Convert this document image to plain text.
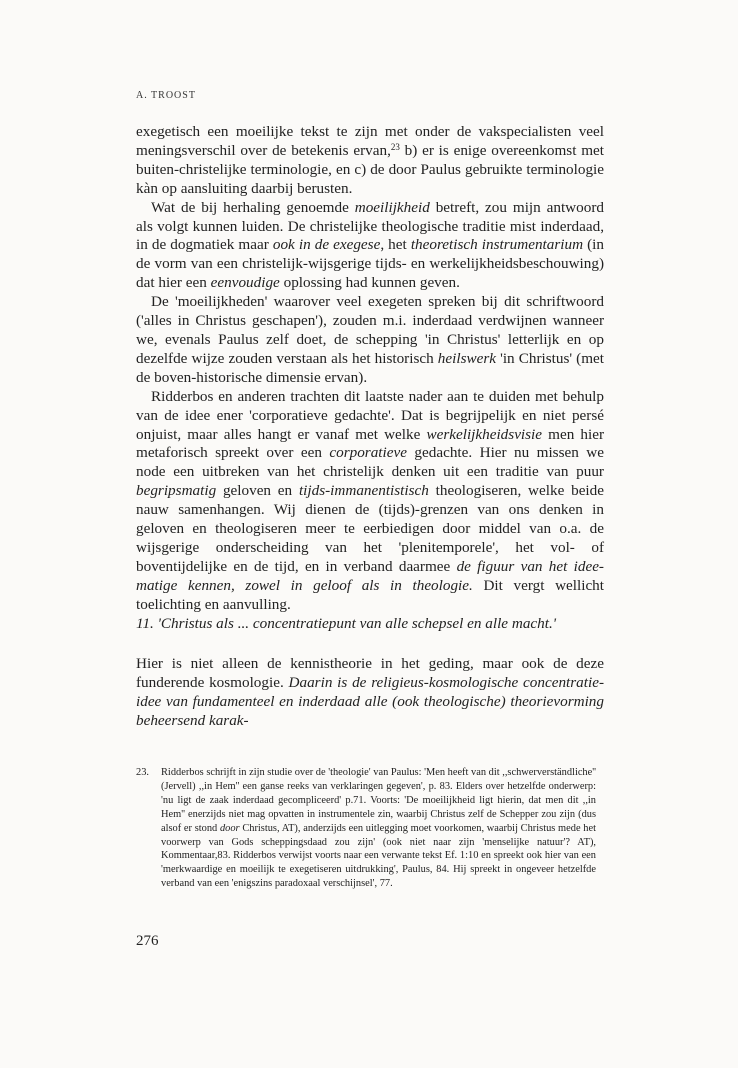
A. TROOST

exegetisch een moeilijke tekst te zijn met onder de vakspecialisten veel meningsverschil over de betekenis ervan,$^{23}$ b) er is enige overeenkomst met buiten-christelijke terminologie, en c) de door Paulus gebruikte terminologie kàn op aansluiting daarbij berusten.

Wat de bij herhaling genoemde moeilijkheid betreft, zou mijn antwoord als volgt kunnen luiden. De christelijke theologische traditie mist inderdaad, in de dogmatiek maar ook in de exegese, het theoretisch instrumentarium (in de vorm van een christelijk-wijsgerige tijds- en werkelijkheidsbeschouwing) dat hier een eenvoudige oplossing had kunnen geven.

De 'moeilijkheden' waarover veel exegeten spreken bij dit schriftwoord ('alles in Christus geschapen'), zouden m.i. inderdaad verdwijnen wanneer we, evenals Paulus zelf doet, de schepping 'in Christus' letterlijk en op dezelfde wijze zouden verstaan als het historisch heilswerk 'in Christus' (met de boven-historische dimensie ervan).

Ridderbos en anderen trachten dit laatste nader aan te duiden met behulp van de idee ener 'corporatieve gedachte'. Dat is begrijpelijk en niet persé onjuist, maar alles hangt er vanaf met welke werkelijkheidsvisie men hier metaforisch spreekt over een corporatieve gedachte. Hier nu missen we node een uitbreken van het christelijk denken uit een traditie van puur begripsmatig geloven en tijds-immanentistisch theologiseren, welke beide nauw samenhangen. Wij dienen de (tijds)-grenzen van ons denken in geloven en theologiseren meer te eerbiedigen door middel van o.a. de wijsgerige onderscheiding van het 'plenitemporele', het vol- of boventijdelijke en de tijd, en in verband daarmee de figuur van het idee-matige kennen, zowel in geloof als in theologie. Dit vergt wellicht toelichting en aanvulling.

11. 'Christus als ... concentratiepunt van alle schepsel en alle macht.'
Hier is niet alleen de kennistheorie in het geding, maar ook de deze funderende kosmologie. Daarin is de religieus-kosmologische concentratie-idee van fundamenteel en inderdaad alle (ook theologische) theorievorming beheersend karak-
23. Ridderbos schrijft in zijn studie over de 'theologie' van Paulus: 'Men heeft van dit ,,schwerverständliche'' (Jervell) ,,in Hem'' een ganse reeks van verklaringen gegeven', p. 83. Elders over hetzelfde onderwerp: 'nu ligt de zaak inderdaad gecompliceerd' p.71. Voorts: 'De moeilijkheid ligt hierin, dat men dit ,,in Hem'' enerzijds niet mag opvatten in instrumentele zin, waarbij Christus zelf de Schepper zou zijn (dus alsof er stond door Christus, AT), anderzijds een uitlegging moet voorkomen, waarbij Christus mede het voorwerp van Gods scheppingsdaad zou zijn' (ook niet naar zijn 'menselijke natuur'? AT), Kommentaar,83. Ridderbos verwijst voorts naar een verwante tekst Ef. 1:10 en spreekt ook hier van een 'merkwaardige en moeilijk te exegetiseren uitdrukking', Paulus, 84. Hij spreekt in ongeveer hetzelfde verband van een 'enigszins paradoxaal verschijnsel', 77.
276
